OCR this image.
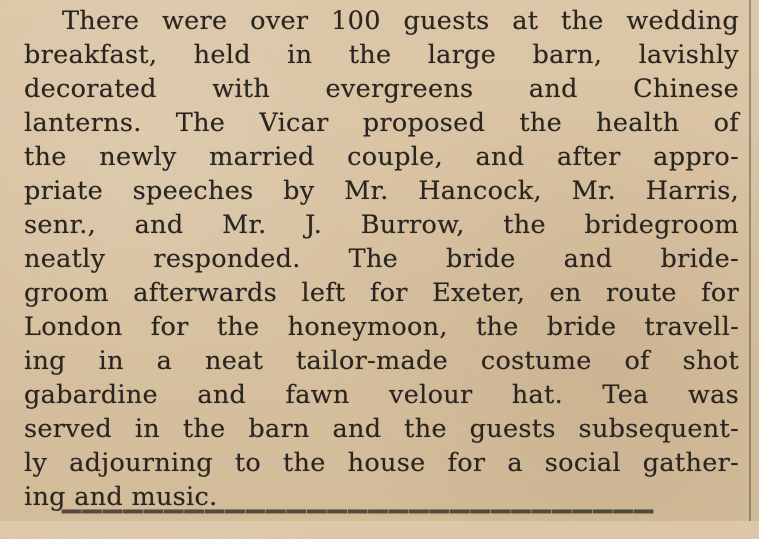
There were over 100 guests at the wedding
breakfast, held in the large barn, lavishly
decorated with evergreens and Chinese
lanterns. The Vicar proposed the health of
the newly married couple, and after appro-
priate speeches by Mr. Hancock, Mr. Harris,
senr., and Mr. J. Burrow, the bridegroom
neatly responded. The bride and bride-
groom afterwards left for Exeter, en route for
London for the honeymoon, the bride travell-
ing in a neat tailor-made costume of shot
gabardine and fawn velour hat. Tea was
served in the barn and the guests subsequent-
ly adjourning to the house for a social gather-
ing and music.
▔▔▔▔▔▔▔▔▔▔▔▔▔▔▔▔▔▔▔▔▔▔▔▔▔▔▔▔▔
